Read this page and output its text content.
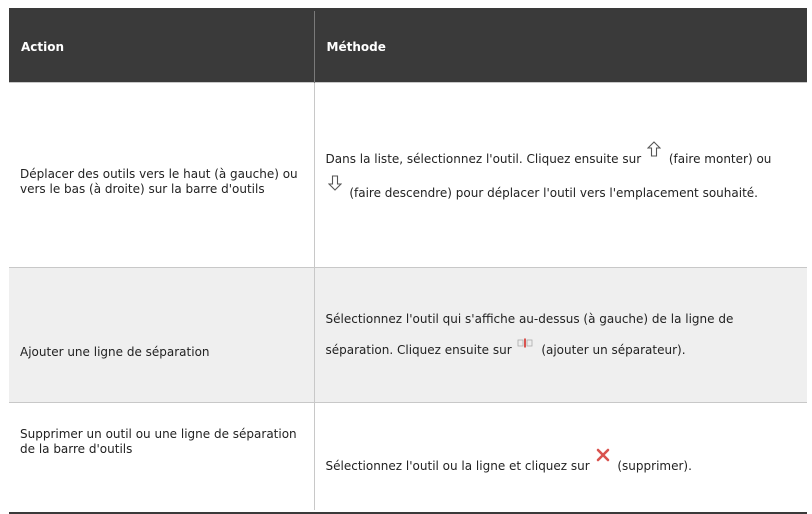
Action	Méthode
Déplacer des outils vers le haut (à gauche) ou vers le bas (à droite) sur la barre d'outils	Dans la liste, sélectionnez l'outil. Cliquez ensuite sur (faire monter) ou

(faire descendre) pour déplacer l'outil vers l'emplacement souhaité.
Ajouter une ligne de séparation	Sélectionnez l'outil qui s'affiche au-dessus (à gauche) de la ligne de séparation. Cliquez ensuite sur (ajouter un séparateur).
Supprimer un outil ou une ligne de séparation de la barre d'outils	Sélectionnez l'outil ou la ligne et cliquez sur (supprimer).
